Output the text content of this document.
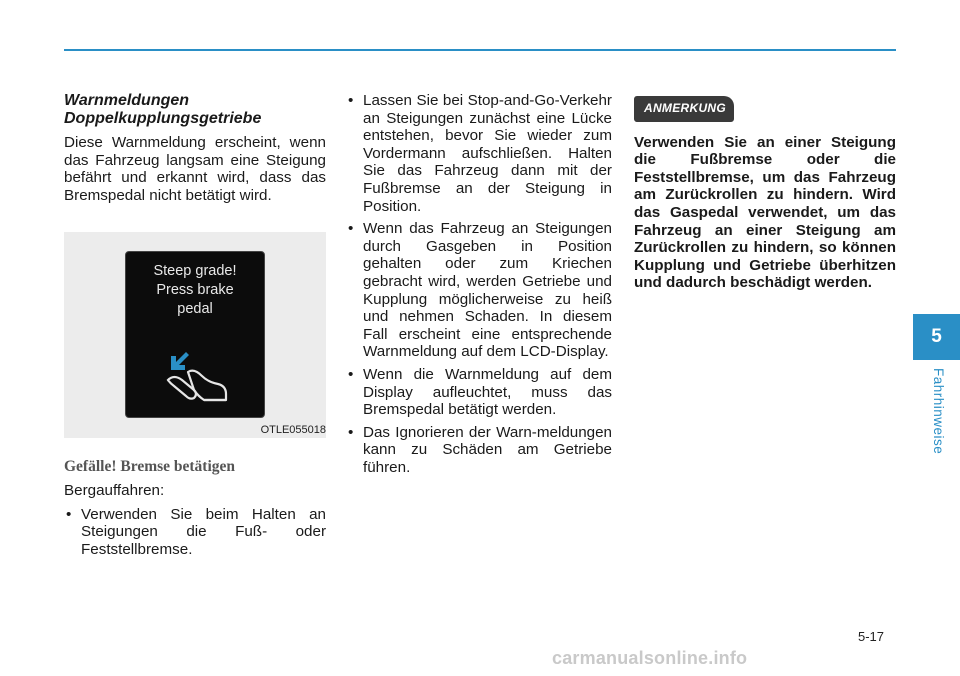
Warnmeldungen Doppelkupplungsgetriebe

Diese Warnmeldung erscheint, wenn das Fahrzeug langsam eine Steigung befährt und erkannt wird, dass das Bremspedal nicht betätigt wird.

Steep grade!
Press brake
pedal
OTLE055018
Gefälle! Bremse betätigen

Bergauffahren:

• Verwenden Sie beim Halten an Steigungen die Fuß- oder Feststellbremse.
• Lassen Sie bei Stop-and-Go-Verkehr an Steigungen zunächst eine Lücke entstehen, bevor Sie wieder zum Vordermann aufschließen. Halten Sie das Fahrzeug dann mit der Fußbremse an der Steigung in Position.
• Wenn das Fahrzeug an Steigungen durch Gasgeben in Position gehalten oder zum Kriechen gebracht wird, werden Getriebe und Kupplung möglicherweise zu heiß und nehmen Schaden. In diesem Fall erscheint eine entsprechende Warnmeldung auf dem LCD-Display.
• Wenn die Warnmeldung auf dem Display aufleuchtet, muss das Bremspedal betätigt werden.
• Das Ignorieren der Warn-meldungen kann zu Schäden am Getriebe führen.
ANMERKUNG

Verwenden Sie an einer Steigung die Fußbremse oder die Feststellbremse, um das Fahrzeug am Zurückrollen zu hindern. Wird das Gaspedal verwendet, um das Fahrzeug an einer Steigung am Zurückrollen zu hindern, so können Kupplung und Getriebe überhitzen und dadurch beschädigt werden.

5
Fahrhinweise
5-17
carmanualsonline.info
